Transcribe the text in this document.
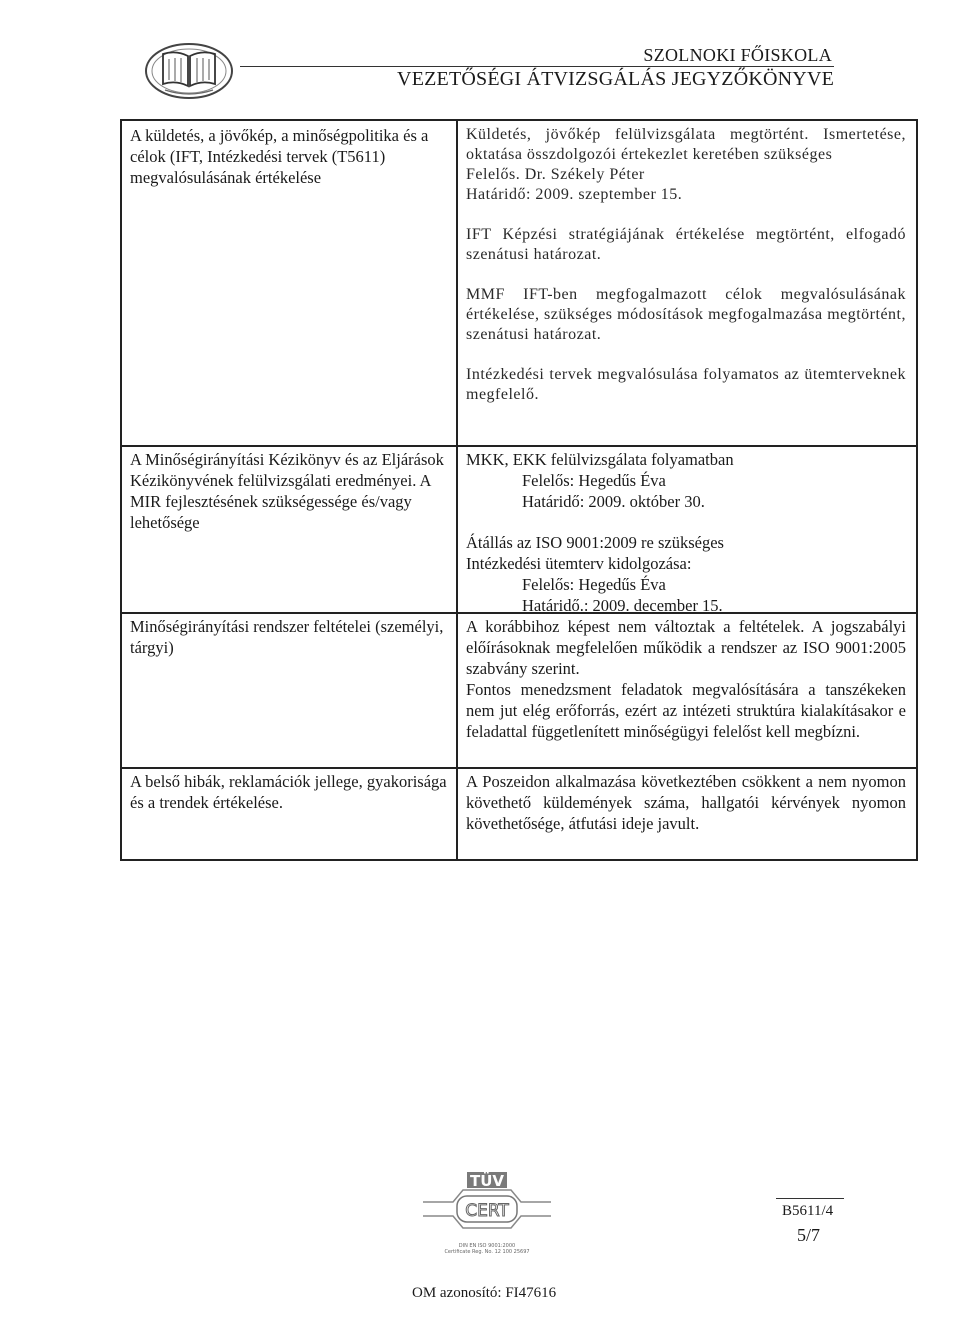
SZOLNOKI FŐISKOLA
VEZETŐSÉGI ÁTVIZSGÁLÁS JEGYZŐKÖNYVE
A küldetés, a jövőkép, a minőségpolitika és a célok (IFT, Intézkedési tervek (T5611) megvalósulásának értékelése
Küldetés, jövőkép felülvizsgálata megtörtént. Ismertetése, oktatása összdolgozói értekezlet keretében szükséges
Felelős. Dr. Székely Péter
Határidő: 2009. szeptember 15.
IFT Képzési stratégiájának értékelése megtörtént, elfogadó szenátusi határozat.
MMF IFT-ben megfogalmazott célok megvalósulásának értékelése, szükséges módosítások megfogalmazása megtörtént, szenátusi határozat.
Intézkedési tervek megvalósulása folyamatos az ütemterveknek megfelelő.
A Minőségirányítási Kézikönyv és az Eljárások Kézikönyvének felülvizsgálati eredményei. A MIR fejlesztésének szükségessége és/vagy lehetősége
MKK, EKK felülvizsgálata folyamatban
Felelős: Hegedűs Éva
Határidő: 2009. október 30.
Átállás az ISO 9001:2009 re szükséges
Intézkedési ütemterv kidolgozása:
Felelős: Hegedűs Éva
Határidő.: 2009. december 15.
Minőségirányítási rendszer feltételei (személyi, tárgyi)
A korábbihoz képest nem változtak a feltételek. A jogszabályi előírásoknak megfelelően működik a rendszer az ISO 9001:2005 szabvány szerint.
Fontos menedzsment feladatok megvalósítására a tanszékeken nem jut elég erőforrás, ezért az intézeti struktúra kialakításakor e feladattal függetlenített minőségügyi felelőst kell megbízni.
A belső hibák, reklamációk jellege, gyakorisága és a trendek értékelése.
A Poszeidon alkalmazása következtében csökkent a nem nyomon követhető küldemények száma, hallgatói kérvények nyomon követhetősége, átfutási ideje javult.
TÜV
CERT
DIN EN ISO 9001:2000
Certificate Reg. No. 12 100 25697
B5611/4
5/7
OM azonosító: FI47616
